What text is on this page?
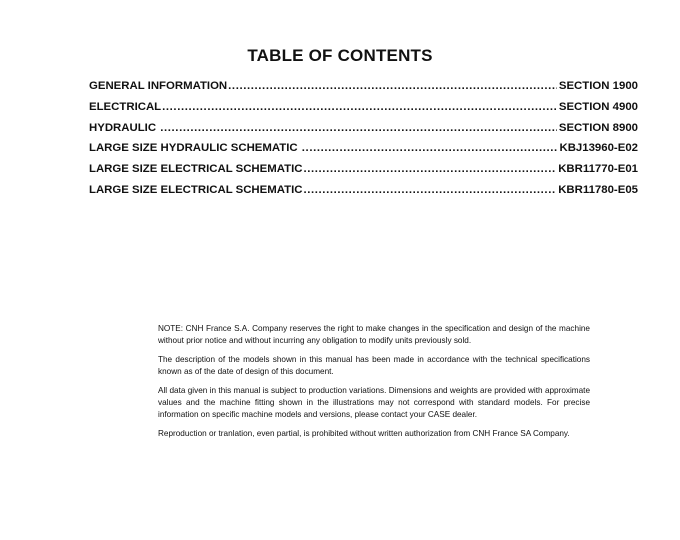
TABLE OF CONTENTS
GENERAL INFORMATION .....	SECTION 1900
ELECTRICAL .....	SECTION 4900
HYDRAULIC .....	SECTION 8900
LARGE SIZE HYDRAULIC SCHEMATIC .....	KBJ13960-E02
LARGE SIZE ELECTRICAL SCHEMATIC .....	KBR11770-E01
LARGE SIZE ELECTRICAL SCHEMATIC .....	KBR11780-E05

NOTE: CNH France S.A. Company reserves the right to make changes in the specification and design of the machine without prior notice and without incurring any obligation to modify units previously sold.

The description of the models shown in this manual has been made in accordance with the technical specifications known as of the date of design of this document.

All data given in this manual is subject to production variations. Dimensions and weights are provided with approximate values and the machine fitting shown in the illustrations may not correspond with standard models. For precise information on specific machine models and versions, please contact your CASE dealer.

Reproduction or tranlation, even partial, is prohibited without written authorization from CNH France SA Company.
